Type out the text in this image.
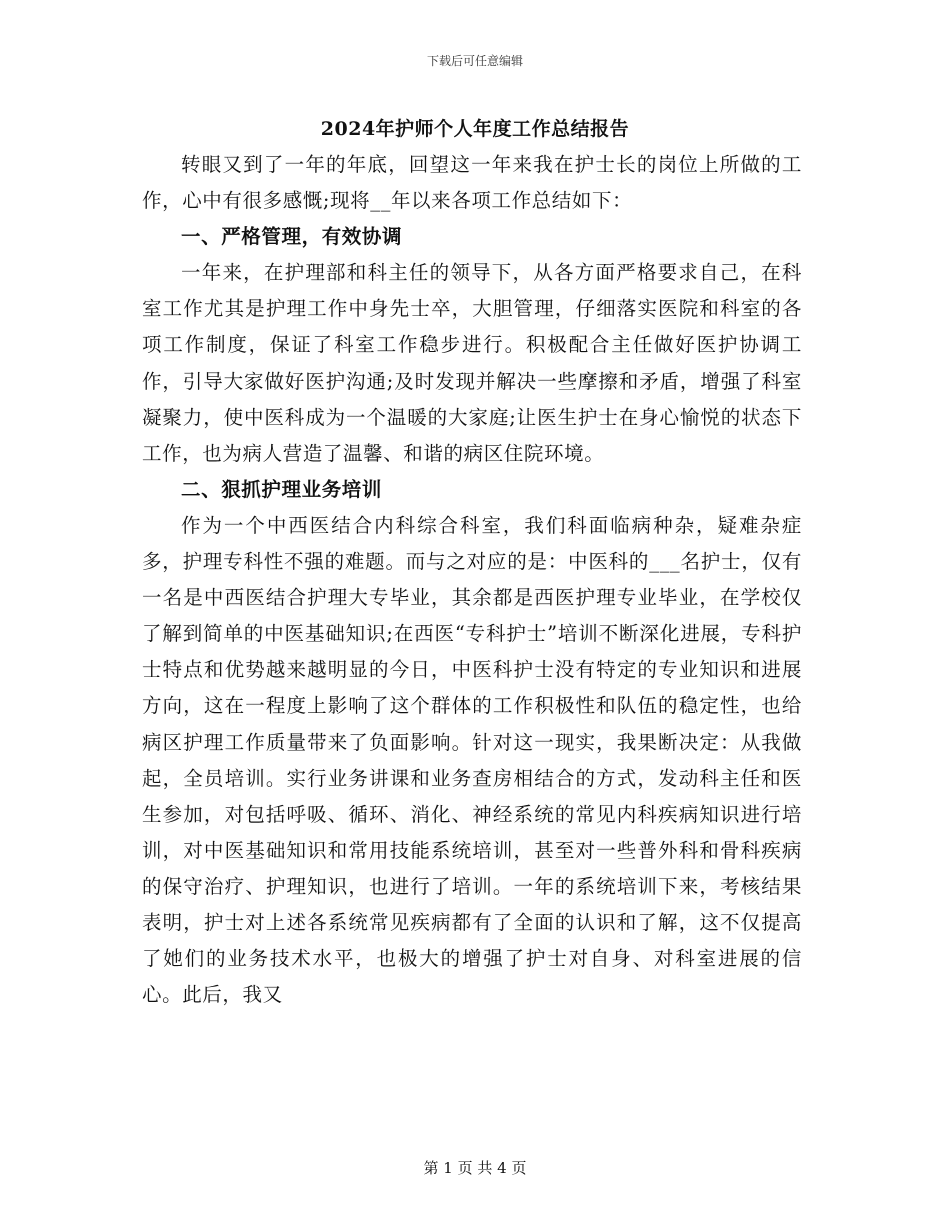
下载后可任意编辑
2024年护师个人年度工作总结报告

转眼又到了一年的年底，回望这一年来我在护士长的岗位上所做的工作，心中有很多感慨;现将__年以来各项工作总结如下：

一、严格管理，有效协调

一年来，在护理部和科主任的领导下，从各方面严格要求自己，在科室工作尤其是护理工作中身先士卒，大胆管理，仔细落实医院和科室的各项工作制度，保证了科室工作稳步进行。积极配合主任做好医护协调工作，引导大家做好医护沟通;及时发现并解决一些摩擦和矛盾，增强了科室凝聚力，使中医科成为一个温暖的大家庭;让医生护士在身心愉悦的状态下工作，也为病人营造了温馨、和谐的病区住院环境。

二、狠抓护理业务培训

作为一个中西医结合内科综合科室，我们科面临病种杂，疑难杂症多，护理专科性不强的难题。而与之对应的是：中医科的___名护士，仅有一名是中西医结合护理大专毕业，其余都是西医护理专业毕业，在学校仅了解到简单的中医基础知识;在西医“专科护士”培训不断深化进展，专科护士特点和优势越来越明显的今日，中医科护士没有特定的专业知识和进展方向，这在一程度上影响了这个群体的工作积极性和队伍的稳定性，也给病区护理工作质量带来了负面影响。针对这一现实，我果断决定：从我做起，全员培训。实行业务讲课和业务查房相结合的方式，发动科主任和医生参加，对包括呼吸、循环、消化、神经系统的常见内科疾病知识进行培训，对中医基础知识和常用技能系统培训，甚至对一些普外科和骨科疾病的保守治疗、护理知识，也进行了培训。一年的系统培训下来，考核结果表明，护士对上述各系统常见疾病都有了全面的认识和了解，这不仅提高了她们的业务技术水平，也极大的增强了护士对自身、对科室进展的信心。此后，我又

第 1 页 共 4 页
